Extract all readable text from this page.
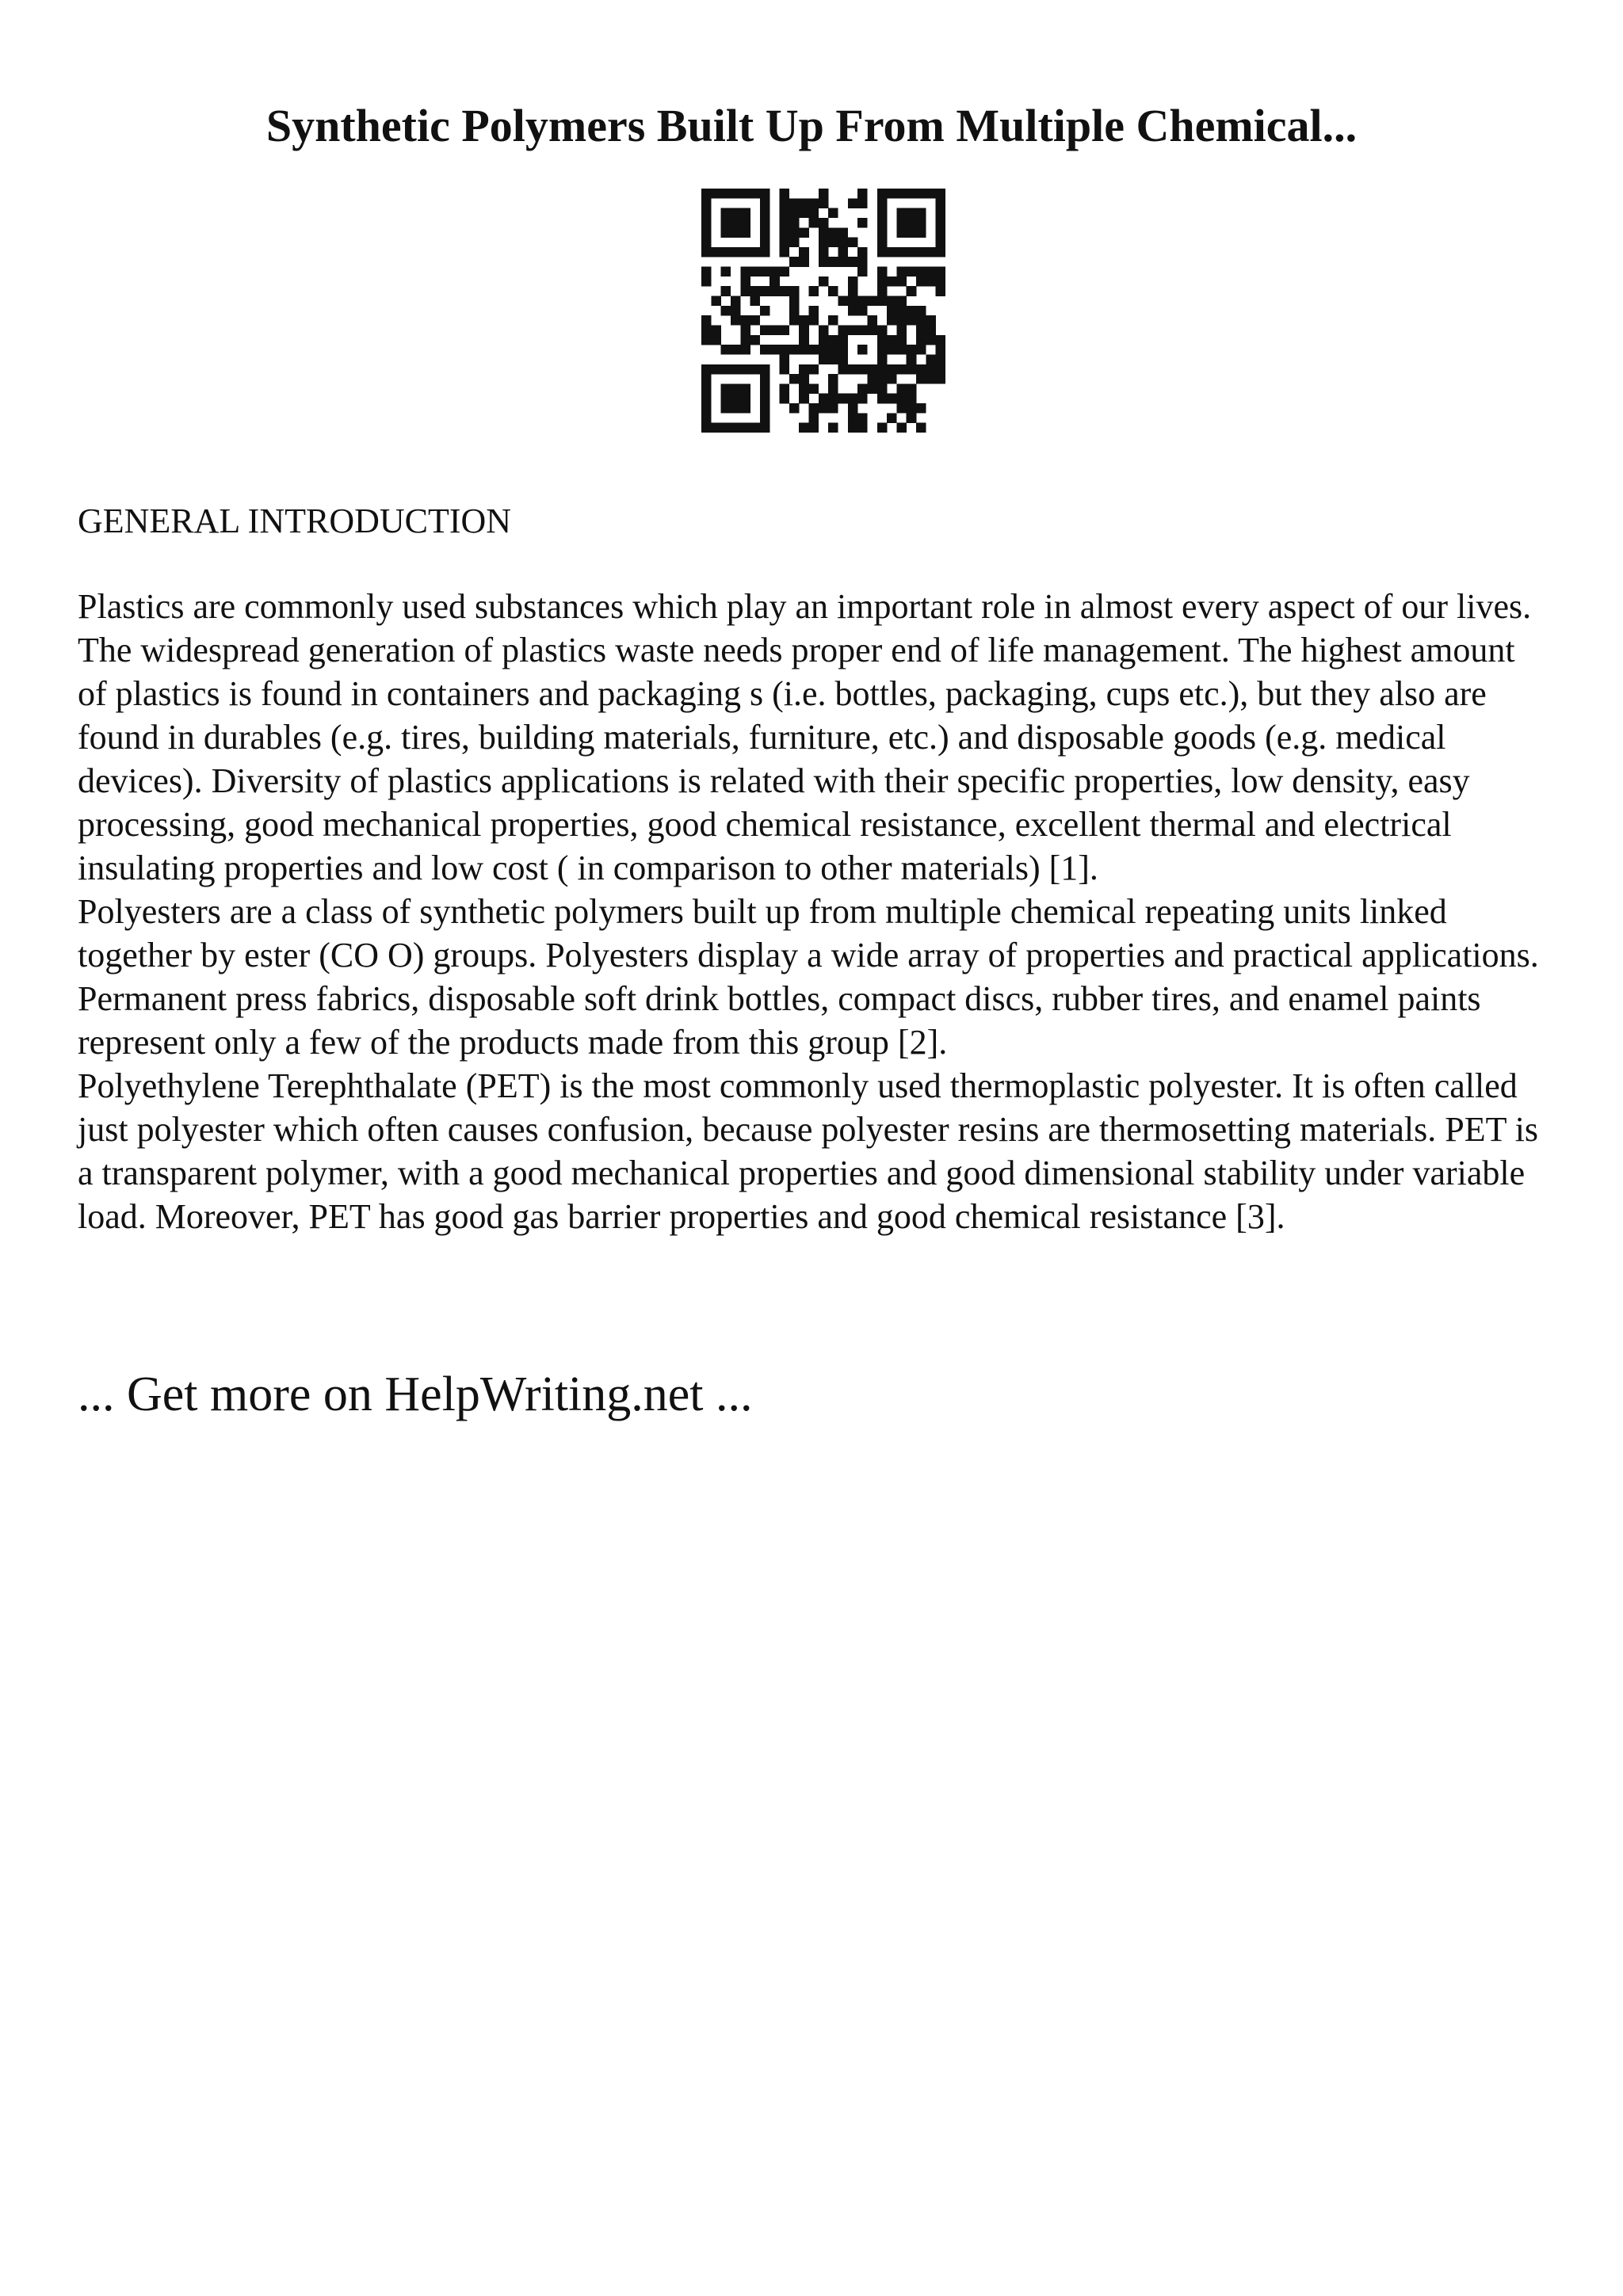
Synthetic Polymers Built Up From Multiple Chemical...
GENERAL INTRODUCTION

Plastics are commonly used substances which play an important role in almost every aspect of our lives. The widespread generation of plastics waste needs proper end of life management. The highest amount of plastics is found in containers and packaging s (i.e. bottles, packaging, cups etc.), but they also are found in durables (e.g. tires, building materials, furniture, etc.) and disposable goods (e.g. medical devices). Diversity of plastics applications is related with their specific properties, low density, easy processing, good mechanical properties, good chemical resistance, excellent thermal and electrical insulating properties and low cost ( in comparison to other materials) [1].

Polyesters are a class of synthetic polymers built up from multiple chemical repeating units linked together by ester (CO O) groups. Polyesters display a wide array of properties and practical applications. Permanent press fabrics, disposable soft drink bottles, compact discs, rubber tires, and enamel paints represent only a few of the products made from this group [2].

Polyethylene Terephthalate (PET) is the most commonly used thermoplastic polyester. It is often called just polyester which often causes confusion, because polyester resins are thermosetting materials. PET is a transparent polymer, with a good mechanical properties and good dimensional stability under variable load. Moreover, PET has good gas barrier properties and good chemical resistance [3].

... Get more on HelpWriting.net ...
